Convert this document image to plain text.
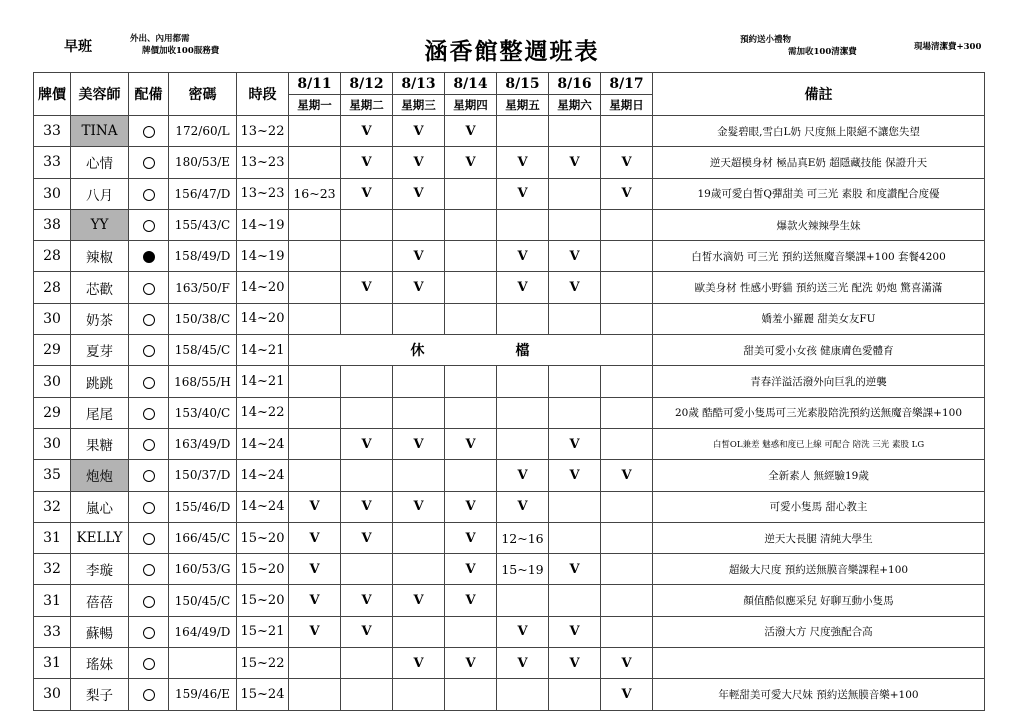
早班	外出、內用都需
牌價加收100服務費	涵香館整週班表	預約送小禮物
需加收100清潔費	現場清潔費+300
牌價	美容師	配備	密碼	時段	8/11	8/12	8/13	8/14	8/15	8/16	8/17	備註
					星期一	星期二	星期三	星期四	星期五	星期六	星期日	
33	TINA		172/60/L	13~22		V	V	V				金髮碧眼,雪白L奶 尺度無上限絕不讓您失望
33	心情		180/53/E	13~23		V	V	V	V	V	V	逆天超模身材 極品真E奶 超隱藏技能 保證升天
30	八月		156/47/D	13~23	16~23	V	V		V		V	19歲可愛白皙Q彈甜美 可三光 素股 和度讚配合度優
38	YY		155/43/C	14~19								爆款火辣辣學生妹
28	辣椒		158/49/D	14~19			V		V	V		白皙水滴奶 可三光 預約送無魔音樂課+100 套餐4200
28	芯歡		163/50/F	14~20		V	V		V	V		歐美身材 性感小野貓 預約送三光 配洗 奶炮 驚喜滿滿
30	奶茶		150/38/C	14~20								嬌羞小羅麗 甜美女友FU
29	夏芽		158/45/C	14~21	休 檔							甜美可愛小女孩 健康膚色愛體育
30	跳跳		168/55/H	14~21								青春洋溢活潑外向巨乳的逆襲
29	尾尾		153/40/C	14~22								20歲 酷酷可愛小隻馬可三光素股陪洗預約送無魔音樂課+100
30	果糖		163/49/D	14~24		V	V	V		V		白皙OL兼差 魅惑和度已上線 可配合 陪洗 三光 素股 LG
35	炮炮		150/37/D	14~24					V	V	V	全新素人 無經驗19歲
32	嵐心		155/46/D	14~24	V	V	V	V	V			可愛小隻馬 甜心教主
31	KELLY		166/45/C	15~20	V	V		V	12~16			逆天大長腿 清純大學生
32	李璇		160/53/G	15~20	V			V	15~19	V		超級大尺度 預約送無膜音樂課程+100
31	蓓蓓		150/45/C	15~20	V	V	V	V				顏值酷似應采兒 好聊互動小隻馬
33	蘇暢		164/49/D	15~21	V	V			V	V		活潑大方 尺度強配合高
31	瑤妹			15~22			V	V	V	V	V	
30	梨子		159/46/E	15~24							V	年輕甜美可愛大尺妹 預約送無膜音樂+100
